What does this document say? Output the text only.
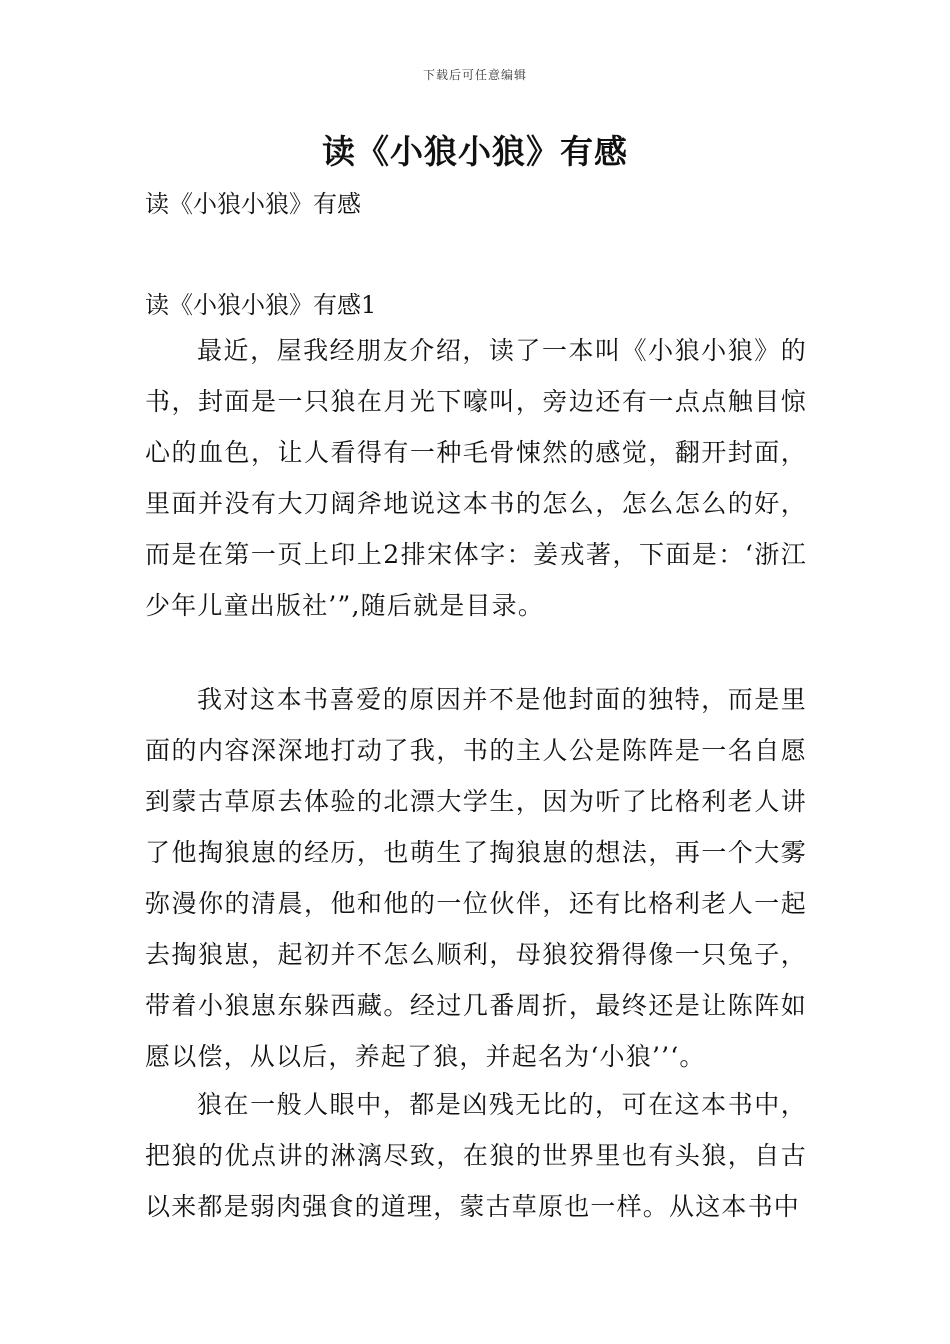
下载后可任意编辑
读《小狼小狼》有感

读《小狼小狼》有感

读《小狼小狼》有感1

最近，屋我经朋友介绍，读了一本叫《小狼小狼》的书，封面是一只狼在月光下嚎叫，旁边还有一点点触目惊心的血色，让人看得有一种毛骨悚然的感觉，翻开封面，里面并没有大刀阔斧地说这本书的怎么，怎么怎么的好，而是在第一页上印上2排宋体字：姜戎著，下面是：‘浙江少年儿童出版社’”,随后就是目录。

我对这本书喜爱的原因并不是他封面的独特，而是里面的内容深深地打动了我，书的主人公是陈阵是一名自愿到蒙古草原去体验的北漂大学生，因为听了比格利老人讲了他掏狼崽的经历，也萌生了掏狼崽的想法，再一个大雾弥漫你的清晨，他和他的一位伙伴，还有比格利老人一起去掏狼崽，起初并不怎么顺利，母狼狡猾得像一只兔子，带着小狼崽东躲西藏。经过几番周折，最终还是让陈阵如愿以偿，从以后，养起了狼，并起名为‘小狼’’‘。

狼在一般人眼中，都是凶残无比的，可在这本书中，把狼的优点讲的淋漓尽致，在狼的世界里也有头狼，自古以来都是弱肉强食的道理，蒙古草原也一样。从这本书中
